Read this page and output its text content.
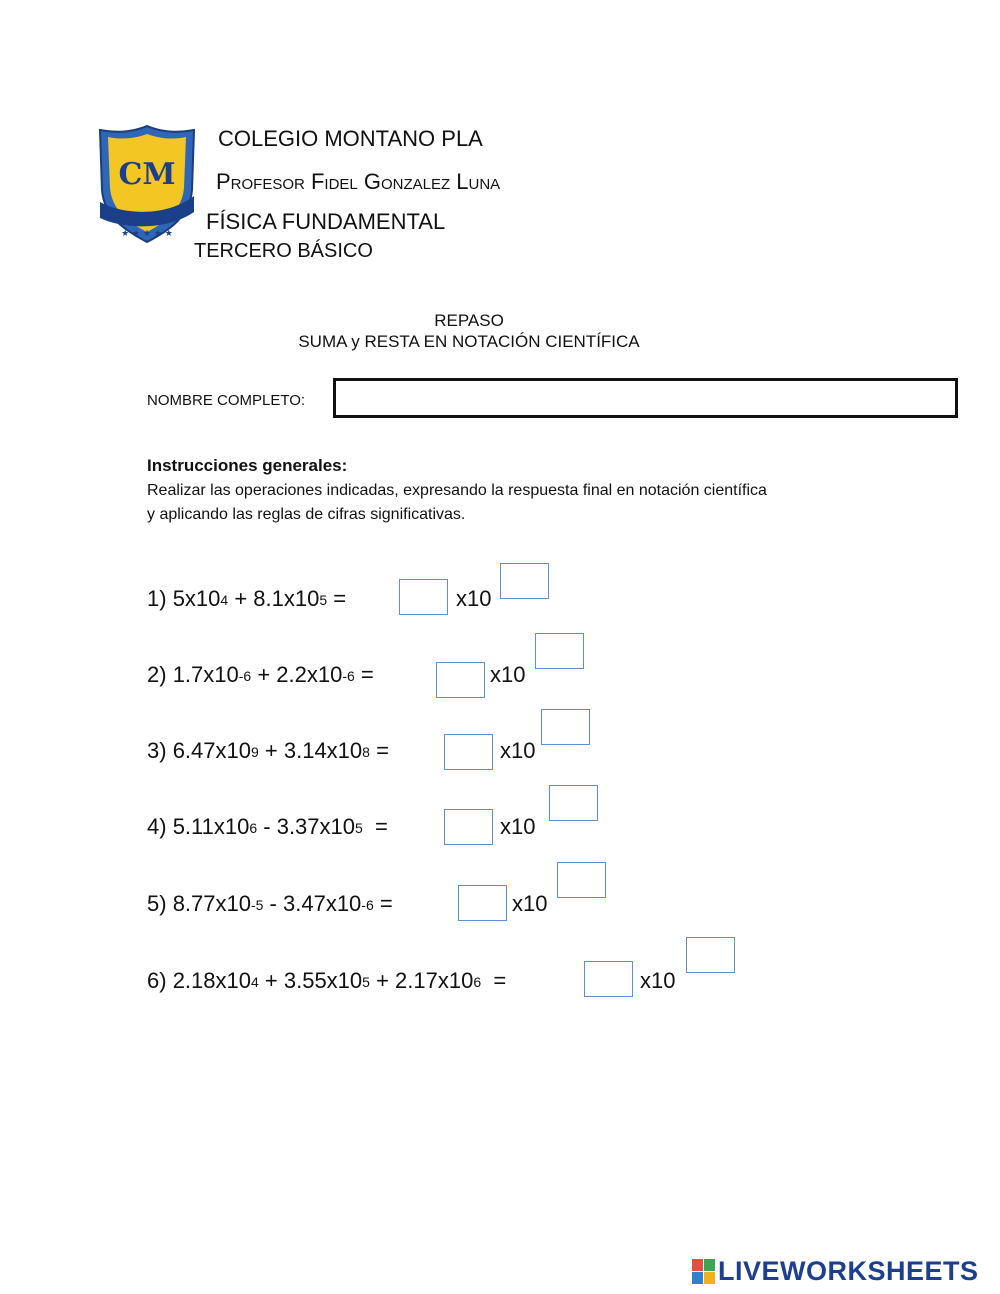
CM
★ ★ ★ ★ ★
COLEGIO MONTANO PLA
Profesor Fidel Gonzalez Luna
FÍSICA FUNDAMENTAL
TERCERO BÁSICO
REPASO
SUMA y RESTA EN NOTACIÓN CIENTÍFICA
NOMBRE COMPLETO:
Instrucciones generales:
Realizar las operaciones indicadas, expresando la respuesta final en notación científica
y aplicando las reglas de cifras significativas.
1) $5x10^4 + 8.1x10^5$ =	x10
2) $1.7x10^{-6} + 2.2x10^{-6}$ =	x10
3) $6.47x10^9 + 3.14x10^8$ =	x10
4) $5.11x10^6 - 3.37x10^5$ =	x10
5) $8.77x10^{-5} - 3.47x10^{-6}$ =	x10
6) $2.18x10^4 + 3.55x10^5 + 2.17x10^6$ =	x10
LIVEWORKSHEETS
